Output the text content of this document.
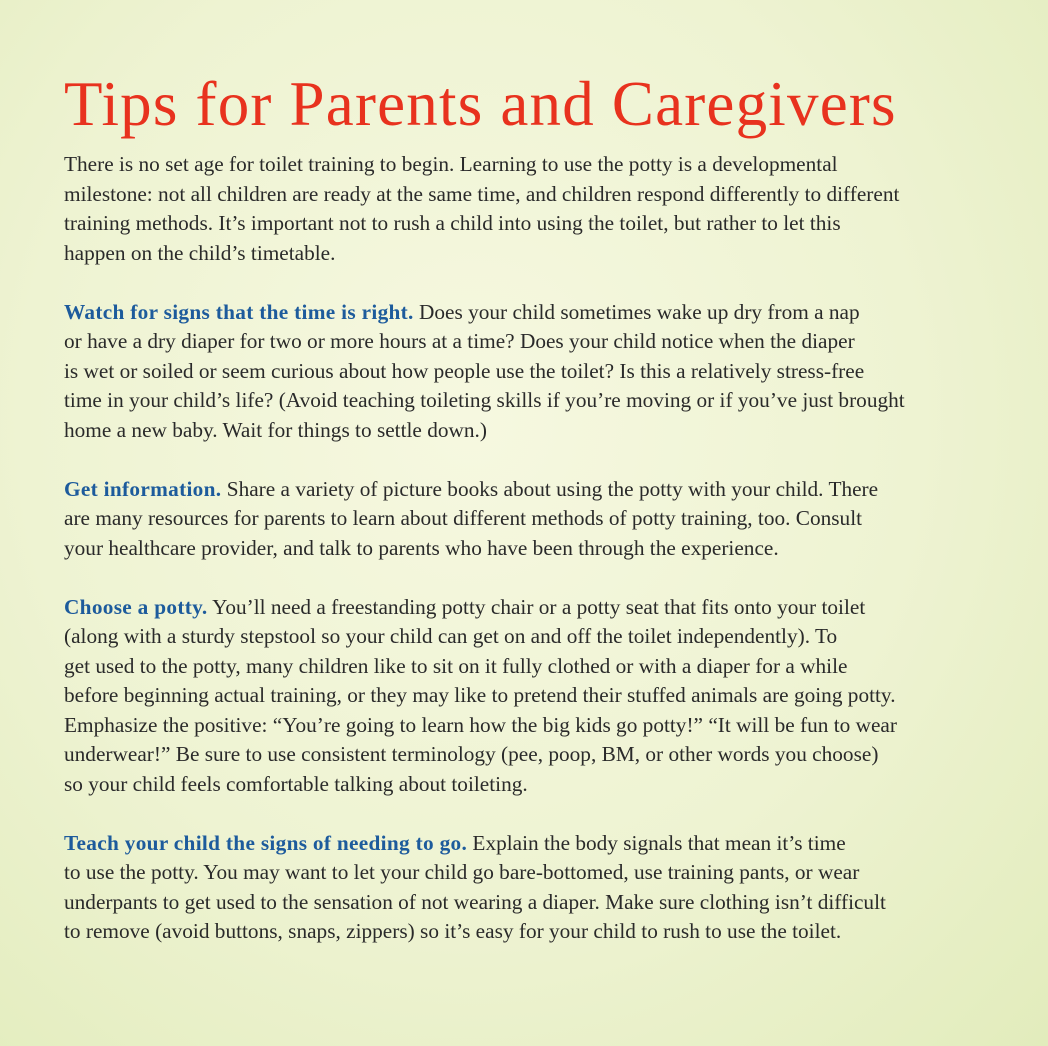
Tips for Parents and Caregivers
There is no set age for toilet training to begin. Learning to use the potty is a developmental
milestone: not all children are ready at the same time, and children respond differently to different
training methods. It’s important not to rush a child into using the toilet, but rather to let this
happen on the child’s timetable.
Watch for signs that the time is right. Does your child sometimes wake up dry from a nap
or have a dry diaper for two or more hours at a time? Does your child notice when the diaper
is wet or soiled or seem curious about how people use the toilet? Is this a relatively stress-free
time in your child’s life? (Avoid teaching toileting skills if you’re moving or if you’ve just brought
home a new baby. Wait for things to settle down.)
Get information. Share a variety of picture books about using the potty with your child. There
are many resources for parents to learn about different methods of potty training, too. Consult
your healthcare provider, and talk to parents who have been through the experience.
Choose a potty. You’ll need a freestanding potty chair or a potty seat that fits onto your toilet
(along with a sturdy stepstool so your child can get on and off the toilet independently). To
get used to the potty, many children like to sit on it fully clothed or with a diaper for a while
before beginning actual training, or they may like to pretend their stuffed animals are going potty.
Emphasize the positive: “You’re going to learn how the big kids go potty!” “It will be fun to wear
underwear!” Be sure to use consistent terminology (pee, poop, BM, or other words you choose)
so your child feels comfortable talking about toileting.
Teach your child the signs of needing to go. Explain the body signals that mean it’s time
to use the potty. You may want to let your child go bare-bottomed, use training pants, or wear
underpants to get used to the sensation of not wearing a diaper. Make sure clothing isn’t difficult
to remove (avoid buttons, snaps, zippers) so it’s easy for your child to rush to use the toilet.
